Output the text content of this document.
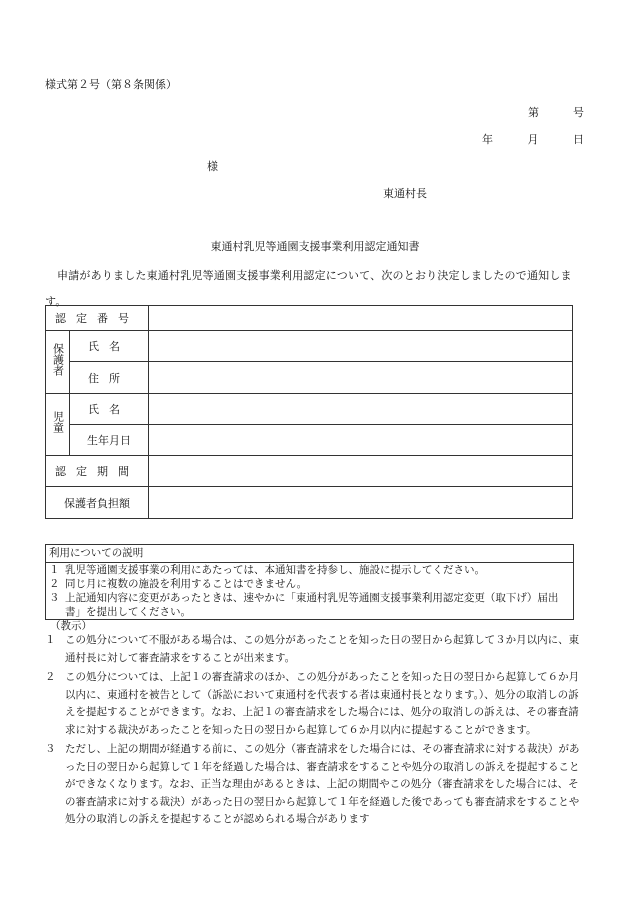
様式第２号（第８条関係）
第	号
年	月	日
様
東通村長
東通村乳児等通園支援事業利用認定通知書
申請がありました東通村乳児等通園支援事業利用認定について、次のとおり決定しましたので通知します。
認定番号		
保護者	氏名	
	住所	
児童	氏名	
	生年月日	
認定期間		
保護者負担額		
利用についての説明
１ 乳児等通園支援事業の利用にあたっては、本通知書を持参し、施設に提示してください。
２ 同じ月に複数の施設を利用することはできません。
３ 上記通知内容に変更があったときは、速やかに「東通村乳児等通園支援事業利用認定変更（取下げ）届出書」を提出してください。
（教示）
１ この処分について不服がある場合は、この処分があったことを知った日の翌日から起算して３か月以内に、東通村長に対して審査請求をすることが出来ます。
２ この処分については、上記１の審査請求のほか、この処分があったことを知った日の翌日から起算して６か月以内に、東通村を被告として（訴訟において東通村を代表する者は東通村長となります。）、処分の取消しの訴えを提起することができます。なお、上記１の審査請求をした場合には、処分の取消しの訴えは、その審査請求に対する裁決があったことを知った日の翌日から起算して６か月以内に提起することができます。
３ ただし、上記の期間が経過する前に、この処分（審査請求をした場合には、その審査請求に対する裁決）があった日の翌日から起算して１年を経過した場合は、審査請求をすることや処分の取消しの訴えを提起することができなくなります。なお、正当な理由があるときは、上記の期間やこの処分（審査請求をした場合には、その審査請求に対する裁決）があった日の翌日から起算して１年を経過した後であっても審査請求をすることや処分の取消しの訴えを提起することが認められる場合があります
